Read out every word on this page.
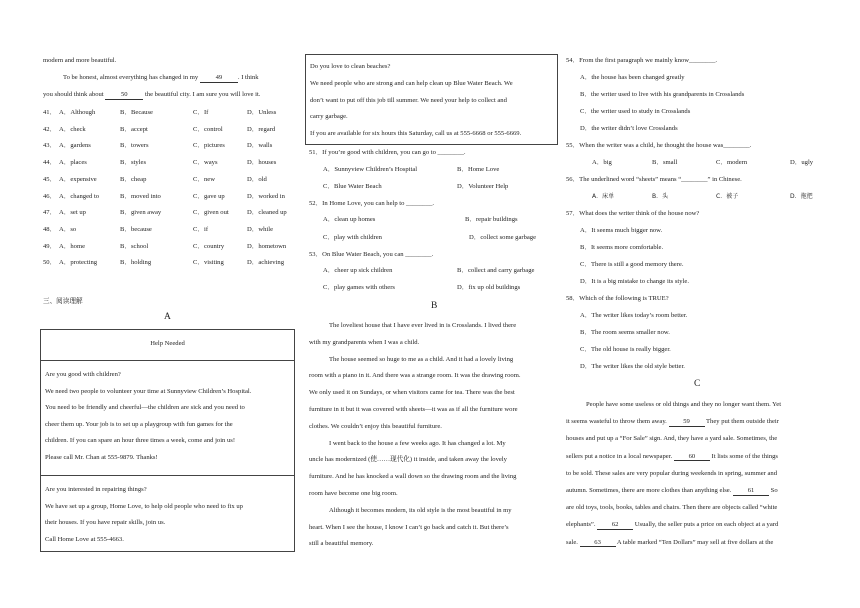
modern and more beautiful.
To be honest, almost everything has changed in my	49 . I think
you should think about	50	the beautiful city. I am sure you will love it.
41． A．Although	B．Because	C．If	D．Unless
42． A．check	B．accept	C．control	D．regard
43． A．gardens	B．towers	C．pictures	D．walls
44． A．places	B．styles	C．ways	D．houses
45． A．expensive	B．cheap	C．new	D．old
46． A．changed to	B．moved into	C．gave up	D．worked in
47． A．set up	B．given away	C．given out	D．cleaned up
48． A．so	B．because	C．if	D．while
49． A．home	B．school	C．country	D．hometown
50． A．protecting	B．holding	C．visiting	D．achieving
三、阅读理解
A
Help Needed
Are you good with children?
We need two people to volunteer your time at Sunnyview Children’s Hospital.
You need to be friendly and cheerful—the children are sick and you need to
cheer them up. Your job is to set up a playgroup with fun games for the
children. If you can spare an hour three times a week, come and join us!
Please call Mr. Chan at 555-9879. Thanks!
Are you interested in repairing things?
We have set up a group, Home Love, to help old people who need to fix up
their houses. If you have repair skills, join us.
Call Home Love at 555-4663.
Do you love to clean beaches?
We need people who are strong and can help clean up Blue Water Beach. We
don’t want to put off this job till summer. We need your help to collect and
carry garbage.
If you are available for six hours this Saturday, call us at 555-6668 or 555-6669.
51．If you’re good with children, you can go to ________.
A．Sunnyview Children’s Hospital	B．Home Love
C．Blue Water Beach	D．Volunteer Help
52．In Home Love, you can help to ________.
A．clean up homes	B．repair buildings
C．play with children	D．collect some garbage
53．On Blue Water Beach, you can ________.
A．cheer up sick children	B．collect and carry garbage
C．play games with others	D．fix up old buildings
B
The loveliest house that I have ever lived in is Crosslands. I lived there
with my grandparents when I was a child.
The house seemed so huge to me as a child. And it had a lovely living
room with a piano in it. And there was a strange room. It was the drawing room.
We only used it on Sundays, or when visitors came for tea. There was the best
furniture in it but it was covered with sheets—it was as if all the furniture wore
clothes. We couldn’t enjoy this beautiful furniture.
I went back to the house a few weeks ago. It has changed a lot. My
uncle has modernized (使……现代化) it inside, and taken away the lovely
furniture. And he has knocked a wall down so the drawing room and the living
room have become one big room.
Although it becomes modern, its old style is the most beautiful in my
heart. When I see the house, I know I can’t go back and catch it. But there’s
still a beautiful memory.
54．From the first paragraph we mainly know________.
A．the house has been changed greatly
B．the writer used to live with his grandparents in Crosslands
C．the writer used to study in Crosslands
D．the writer didn’t love Crosslands
55．When the writer was a child, he thought the house was________.
A．big	B．small	C．modern	D．ugly
56．The underlined word “sheets” means “________” in Chinese.
A．床单	B．头	C．被子	D．拖把
57．What does the writer think of the house now?
A．It seems much bigger now.
B．It seems more comfortable.
C．There is still a good memory there.
D．It is a big mistake to change its style.
58．Which of the following is TRUE?
A．The writer likes today’s room better.
B．The room seems smaller now.
C．The old house is really bigger.
D．The writer likes the old style better.
C
People have some useless or old things and they no longer want them. Yet
it seems wasteful to throw them away. 59 They put them outside their
houses and put up a “For Sale” sign. And, they have a yard sale. Sometimes, the
sellers put a notice in a local newspaper. 60 It lists some of the things
to be sold. These sales are very popular during weekends in spring, summer and
autumn. Sometimes, there are more clothes than anything else. 61 So
are old toys, tools, books, tables and chairs. Then there are objects called “white
elephants”. 62 Usually, the seller puts a price on each object at a yard
sale. 63 A table marked “Ten Dollars” may sell at five dollars at the
